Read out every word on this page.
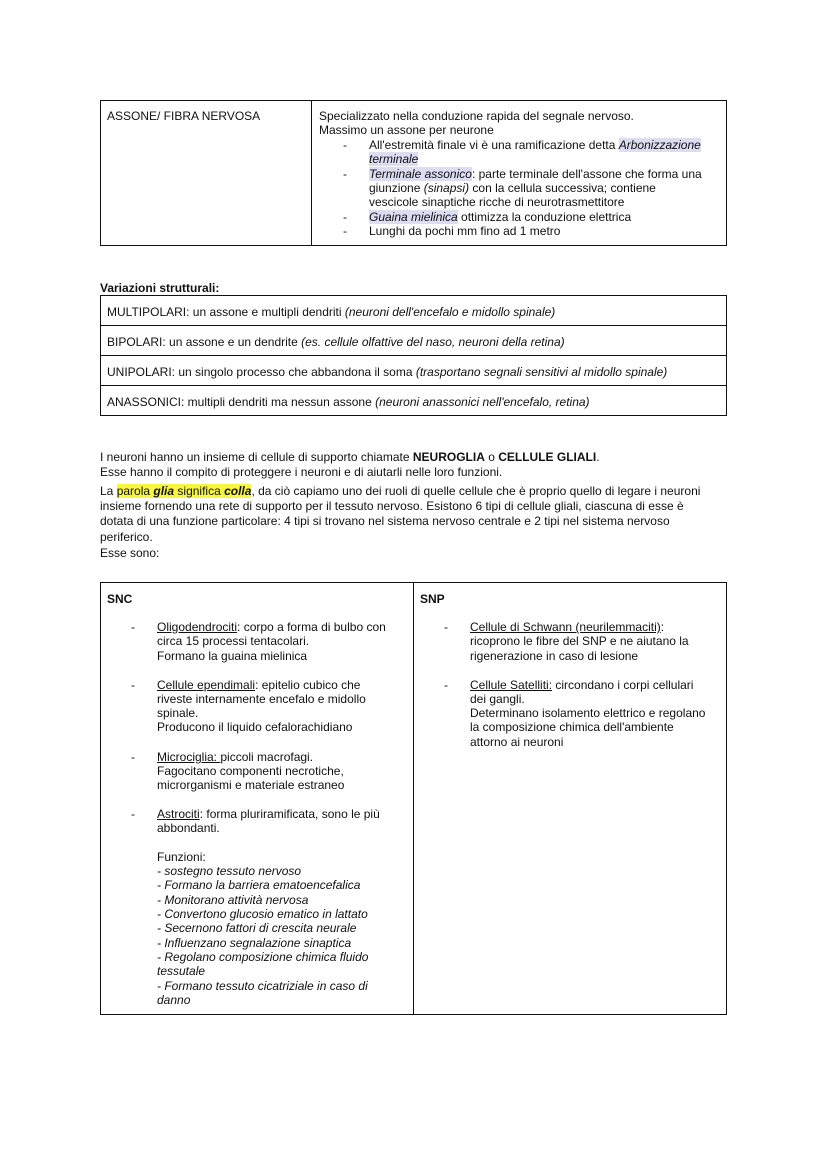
ASSONE/ FIBRA NERVOSA	Specializzato nella conduzione rapida del segnale nervoso.
Massimo un assone per neurone
- All'estremità finale vi è una ramificazione detta Arbonizzazione
terminale
- Terminale assonico: parte terminale dell'assone che forma una
giunzione (sinapsi) con la cellula successiva; contiene
vescicole sinaptiche ricche di neurotrasmettitore
- Guaina mielinica ottimizza la conduzione elettrica
- Lunghi da pochi mm fino ad 1 metro
Variazioni strutturali:
MULTIPOLARI: un assone e multipli dendriti (neuroni dell'encefalo e midollo spinale)
BIPOLARI: un assone e un dendrite (es. cellule olfattive del naso, neuroni della retina)
UNIPOLARI: un singolo processo che abbandona il soma (trasportano segnali sensitivi al midollo spinale)
ANASSONICI: multipli dendriti ma nessun assone (neuroni anassonici nell'encefalo, retina)
I neuroni hanno un insieme di cellule di supporto chiamate NEUROGLIA o CELLULE GLIALI.
Esse hanno il compito di proteggere i neuroni e di aiutarli nelle loro funzioni.
La parola glia significa colla, da ciò capiamo uno dei ruoli di quelle cellule che è proprio quello di legare i neuroni
insieme fornendo una rete di supporto per il tessuto nervoso. Esistono 6 tipi di cellule gliali, ciascuna di esse è
dotata di una funzione particolare: 4 tipi si trovano nel sistema nervoso centrale e 2 tipi nel sistema nervoso
periferico.
Esse sono:
SNC	SNP
- Oligodendrociti: corpo a forma di bulbo con
circa 15 processi tentacolari.
Formano la guaina mielinica
- Cellule ependimali: epitelio cubico che
riveste internamente encefalo e midollo
spinale.
Producono il liquido cefalorachidiano
- Microciglia: piccoli macrofagi.
Fagocitano componenti necrotiche,
microrganismi e materiale estraneo
- Astrociti: forma pluriramificata, sono le più
abbondanti.
Funzioni:
- sostegno tessuto nervoso
- Formano la barriera ematoencefalica
- Monitorano attività nervosa
- Convertono glucosio ematico in lattato
- Secernono fattori di crescita neurale
- Influenzano segnalazione sinaptica
- Regolano composizione chimica fluido
tessutale
- Formano tessuto cicatriziale in caso di
danno
- Cellule di Schwann (neurilemmaciti):
ricoprono le fibre del SNP e ne aiutano la
rigenerazione in caso di lesione
- Cellule Satelliti: circondano i corpi cellulari
dei gangli.
Determinano isolamento elettrico e regolano
la composizione chimica dell'ambiente
attorno ai neuroni
